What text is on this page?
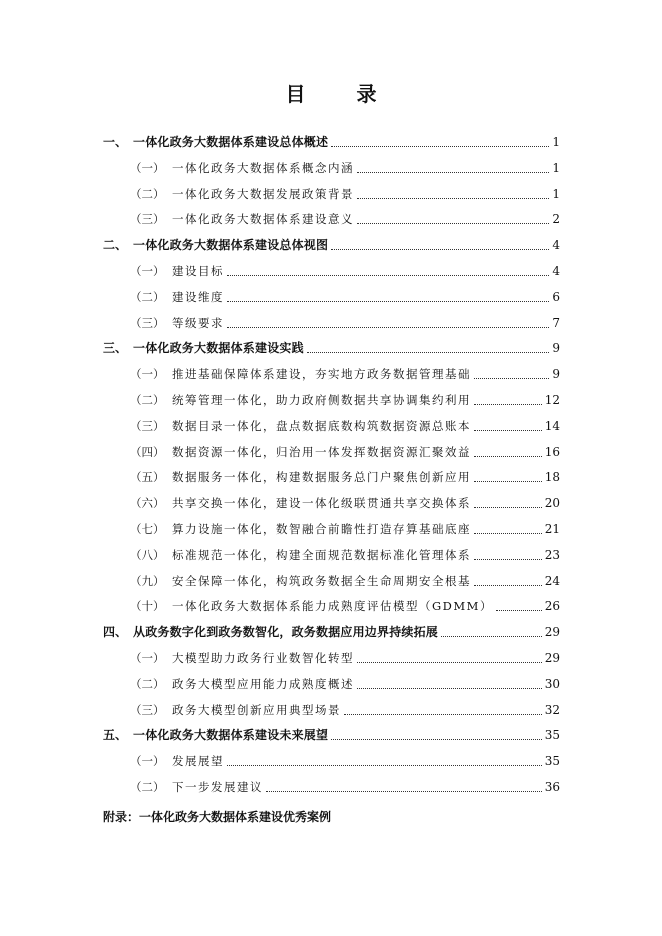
目 录
一、 一体化政务大数据体系建设总体概述	1
（一） 一体化政务大数据体系概念内涵	1
（二） 一体化政务大数据发展政策背景	1
（三） 一体化政务大数据体系建设意义	2
二、 一体化政务大数据体系建设总体视图	4
（一） 建设目标	4
（二） 建设维度	6
（三） 等级要求	7
三、 一体化政务大数据体系建设实践	9
（一） 推进基础保障体系建设，夯实地方政务数据管理基础	9
（二） 统筹管理一体化，助力政府侧数据共享协调集约利用	12
（三） 数据目录一体化，盘点数据底数构筑数据资源总账本	14
（四） 数据资源一体化，归治用一体发挥数据资源汇聚效益	16
（五） 数据服务一体化，构建数据服务总门户聚焦创新应用	18
（六） 共享交换一体化，建设一体化级联贯通共享交换体系	20
（七） 算力设施一体化，数智融合前瞻性打造存算基础底座	21
（八） 标准规范一体化，构建全面规范数据标准化管理体系	23
（九） 安全保障一体化，构筑政务数据全生命周期安全根基	24
（十） 一体化政务大数据体系能力成熟度评估模型（GDMM）	26
四、 从政务数字化到政务数智化，政务数据应用边界持续拓展	29
（一） 大模型助力政务行业数智化转型	29
（二） 政务大模型应用能力成熟度概述	30
（三） 政务大模型创新应用典型场景	32
五、 一体化政务大数据体系建设未来展望	35
（一） 发展展望	35
（二） 下一步发展建议	36
附录：一体化政务大数据体系建设优秀案例
